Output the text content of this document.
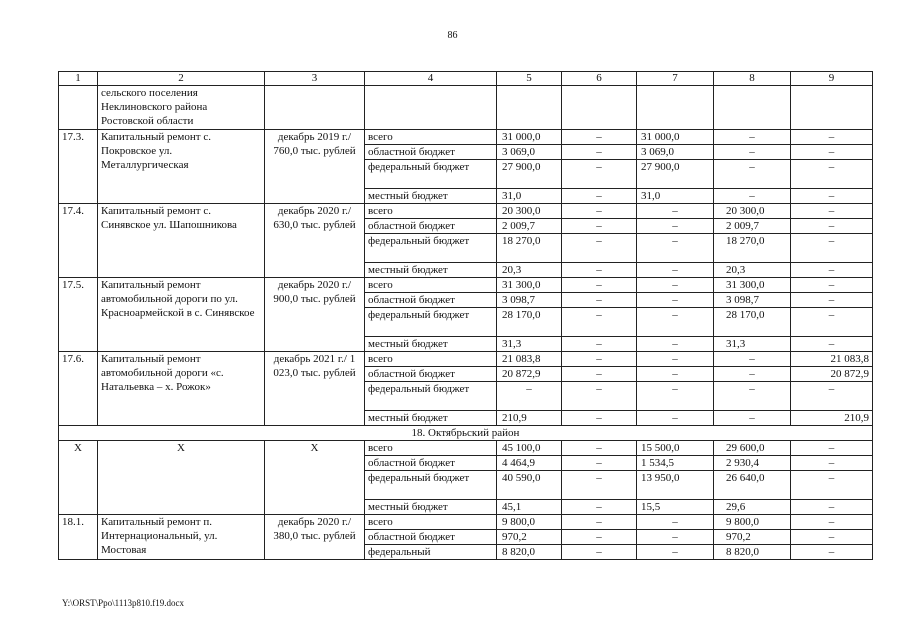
86
1	2	3	4	5	6	7	8	9
	сельского поселения Неклиновского района Ростовской области							
17.3.	Капитальный ремонт с. Покровское ул. Металлургическая	декабрь 2019 г./ 760,0 тыс. рублей	всего	31 000,0	–	31 000,0	–	–
			областной бюджет	3 069,0	–	3 069,0	–	–
			федеральный бюджет	27 900,0	–	27 900,0	–	–
			местный бюджет	31,0	–	31,0	–	–
17.4.	Капитальный ремонт с. Синявское ул. Шапошникова	декабрь 2020 г./ 630,0 тыс. рублей	всего	20 300,0	–	–	20 300,0	–
			областной бюджет	2 009,7	–	–	2 009,7	–
			федеральный бюджет	18 270,0	–	–	18 270,0	–
			местный бюджет	20,3	–	–	20,3	–
17.5.	Капитальный ремонт автомобильной дороги по ул. Красноармейской в с. Синявское	декабрь 2020 г./ 900,0 тыс. рублей	всего	31 300,0	–	–	31 300,0	–
			областной бюджет	3 098,7	–	–	3 098,7	–
			федеральный бюджет	28 170,0	–	–	28 170,0	–
			местный бюджет	31,3	–	–	31,3	–
17.6.	Капитальный ремонт автомобильной дороги «с. Натальевка – х. Рожок»	декабрь 2021 г./ 1 023,0 тыс. рублей	всего	21 083,8	–	–	–	21 083,8
			областной бюджет	20 872,9	–	–	–	20 872,9
			федеральный бюджет	–	–	–	–	–
			местный бюджет	210,9	–	–	–	210,9
18. Октябрьский район								
X	X	X	всего	45 100,0	–	15 500,0	29 600,0	–
			областной бюджет	4 464,9	–	1 534,5	2 930,4	–
			федеральный бюджет	40 590,0	–	13 950,0	26 640,0	–
			местный бюджет	45,1	–	15,5	29,6	–
18.1.	Капитальный ремонт п. Интернациональный, ул. Мостовая	декабрь 2020 г./ 380,0 тыс. рублей	всего	9 800,0	–	–	9 800,0	–
			областной бюджет	970,2	–	–	970,2	–
			федеральный	8 820,0	–	–	8 820,0	–
Y:\ORST\Ppo\1113p810.f19.docx
